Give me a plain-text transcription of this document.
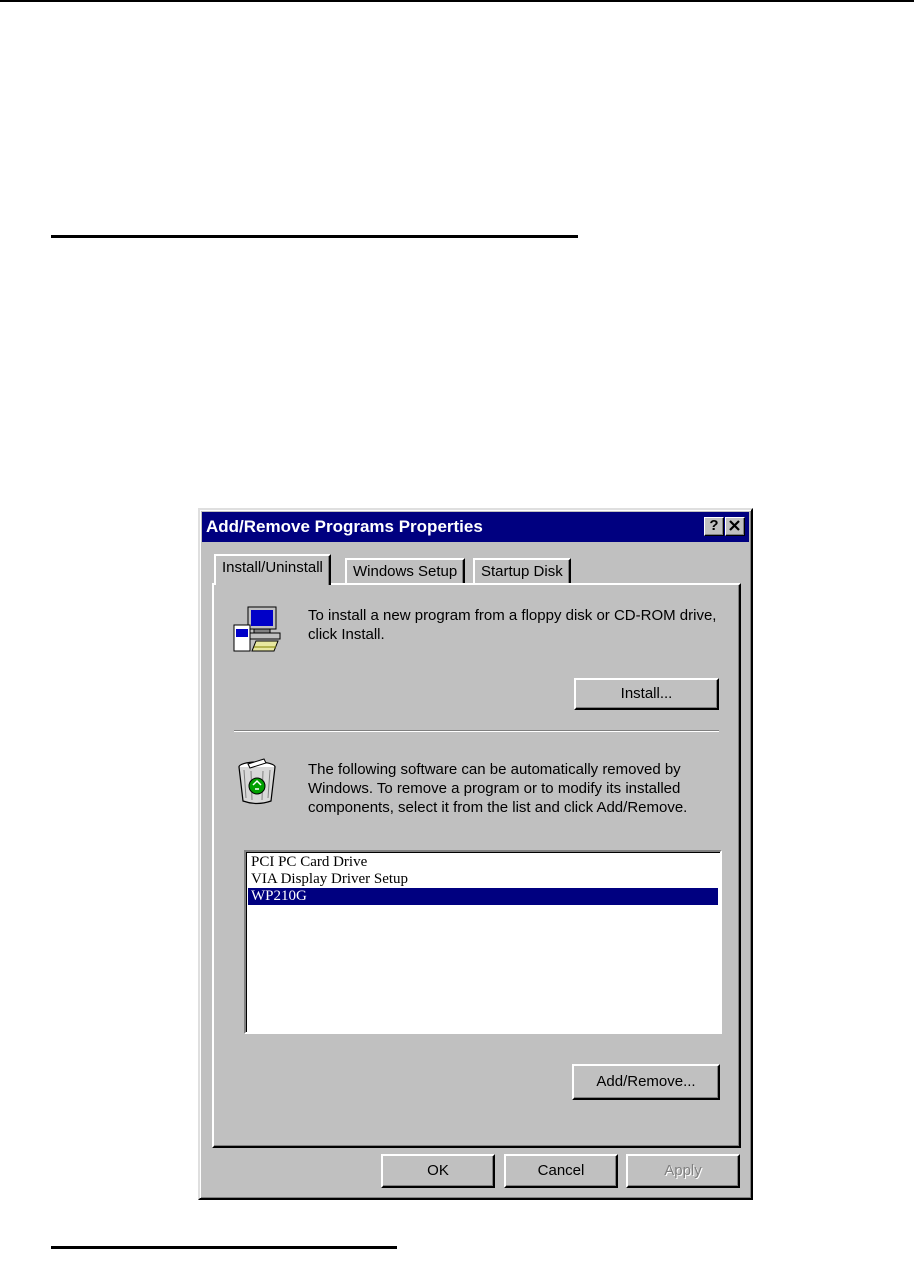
Add/Remove Programs Properties	?
Install/Uninstall	Windows Setup	Startup Disk
To install a new program from a floppy disk or CD-ROM drive, click Install.
Install...
The following software can be automatically removed by Windows. To remove a program or to modify its installed components, select it from the list and click Add/Remove.
PCI PC Card Drive
VIA Display Driver Setup
WP210G
Add/Remove...
OK	Cancel	Apply
